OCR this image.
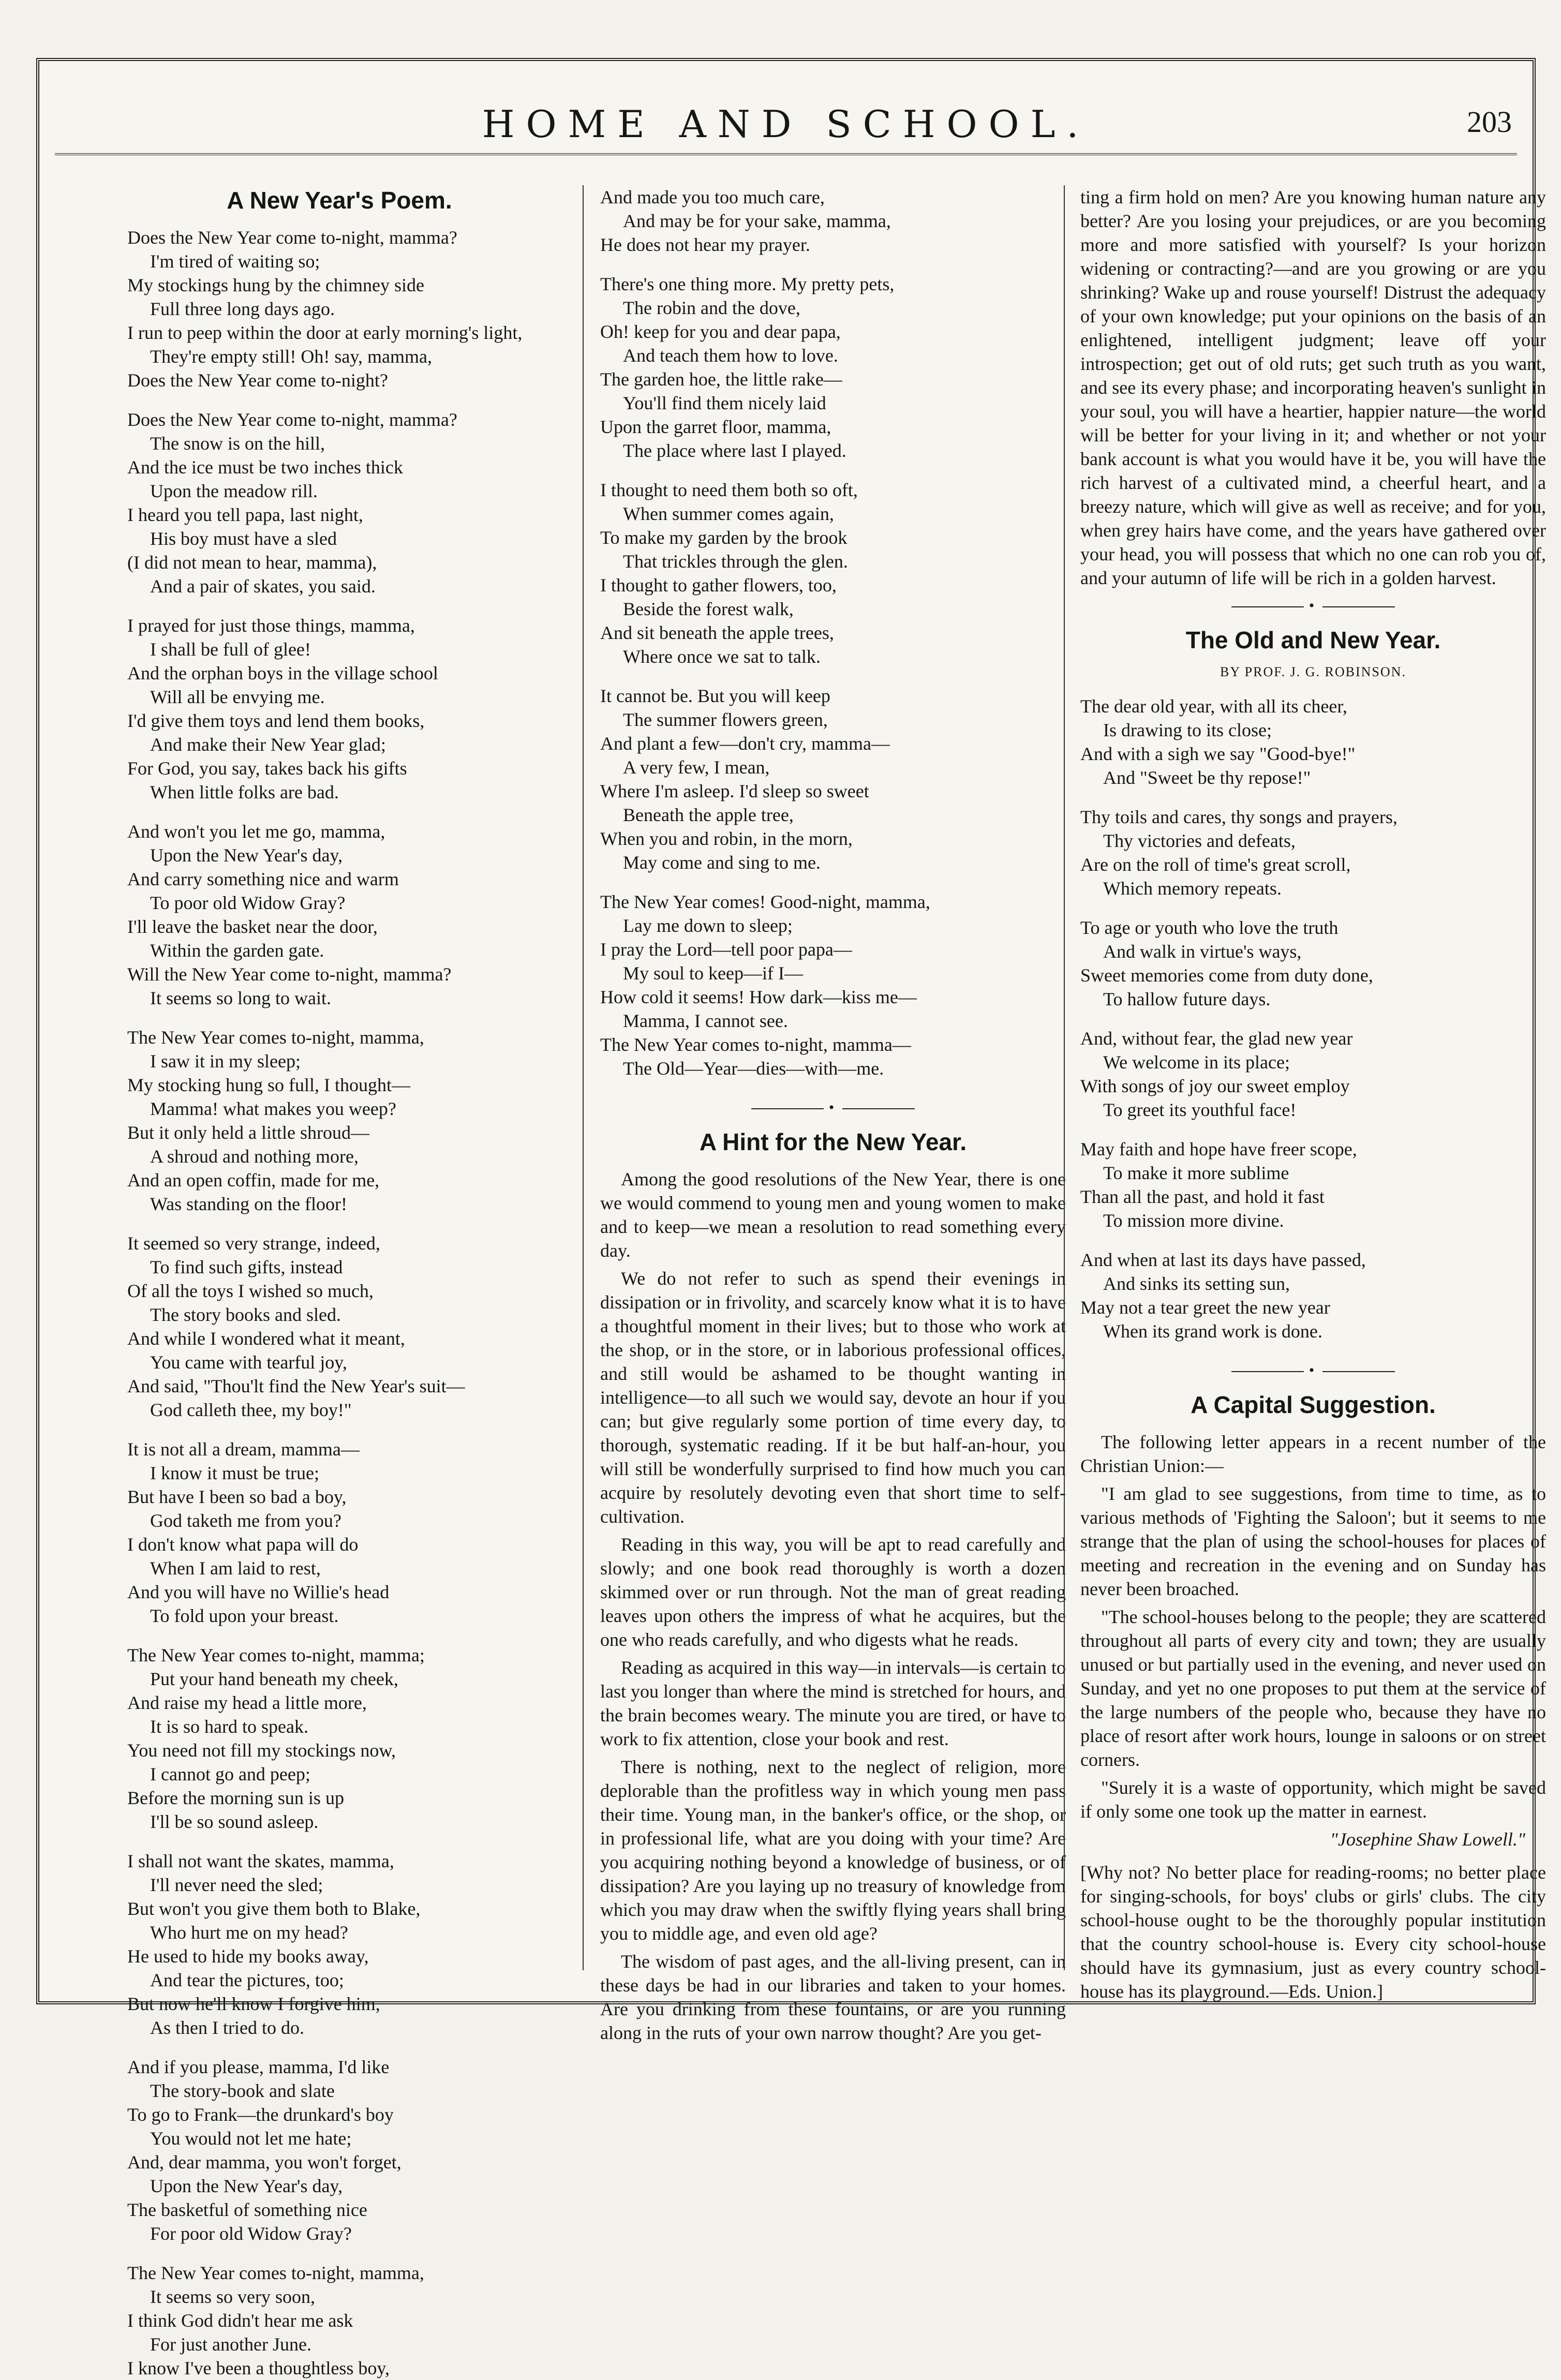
HOME AND SCHOOL.	203
A New Year's Poem.
Does the New Year come to-night, mamma?
I'm tired of waiting so;
My stockings hung by the chimney side
Full three long days ago.
I run to peep within the door at early morning's light,
They're empty still! Oh! say, mamma,
Does the New Year come to-night?
Does the New Year come to-night, mamma?
The snow is on the hill,
And the ice must be two inches thick
Upon the meadow rill.
I heard you tell papa, last night,
His boy must have a sled
(I did not mean to hear, mamma),
And a pair of skates, you said.
I prayed for just those things, mamma,
I shall be full of glee!
And the orphan boys in the village school
Will all be envying me.
I'd give them toys and lend them books,
And make their New Year glad;
For God, you say, takes back his gifts
When little folks are bad.
And won't you let me go, mamma,
Upon the New Year's day,
And carry something nice and warm
To poor old Widow Gray?
I'll leave the basket near the door,
Within the garden gate.
Will the New Year come to-night, mamma?
It seems so long to wait.
The New Year comes to-night, mamma,
I saw it in my sleep;
My stocking hung so full, I thought—
Mamma! what makes you weep?
But it only held a little shroud—
A shroud and nothing more,
And an open coffin, made for me,
Was standing on the floor!
It seemed so very strange, indeed,
To find such gifts, instead
Of all the toys I wished so much,
The story books and sled.
And while I wondered what it meant,
You came with tearful joy,
And said, "Thou'lt find the New Year's suit—
God calleth thee, my boy!"
It is not all a dream, mamma—
I know it must be true;
But have I been so bad a boy,
God taketh me from you?
I don't know what papa will do
When I am laid to rest,
And you will have no Willie's head
To fold upon your breast.
The New Year comes to-night, mamma;
Put your hand beneath my cheek,
And raise my head a little more,
It is so hard to speak.
You need not fill my stockings now,
I cannot go and peep;
Before the morning sun is up
I'll be so sound asleep.
I shall not want the skates, mamma,
I'll never need the sled;
But won't you give them both to Blake,
Who hurt me on my head?
He used to hide my books away,
And tear the pictures, too;
But now he'll know I forgive him,
As then I tried to do.
And if you please, mamma, I'd like
The story-book and slate
To go to Frank—the drunkard's boy
You would not let me hate;
And, dear mamma, you won't forget,
Upon the New Year's day,
The basketful of something nice
For poor old Widow Gray?
The New Year comes to-night, mamma,
It seems so very soon,
I think God didn't hear me ask
For just another June.
I know I've been a thoughtless boy,
And made you too much care,
And may be for your sake, mamma,
He does not hear my prayer.
There's one thing more. My pretty pets,
The robin and the dove,
Oh! keep for you and dear papa,
And teach them how to love.
The garden hoe, the little rake—
You'll find them nicely laid
Upon the garret floor, mamma,
The place where last I played.
I thought to need them both so oft,
When summer comes again,
To make my garden by the brook
That trickles through the glen.
I thought to gather flowers, too,
Beside the forest walk,
And sit beneath the apple trees,
Where once we sat to talk.
It cannot be. But you will keep
The summer flowers green,
And plant a few—don't cry, mamma—
A very few, I mean,
Where I'm asleep. I'd sleep so sweet
Beneath the apple tree,
When you and robin, in the morn,
May come and sing to me.
The New Year comes! Good-night, mamma,
Lay me down to sleep;
I pray the Lord—tell poor papa—
My soul to keep—if I—
How cold it seems! How dark—kiss me—
Mamma, I cannot see.
The New Year comes to-night, mamma—
The Old—Year—dies—with—me.
•
A Hint for the New Year.

Among the good resolutions of the New Year, there is one we would commend to young men and young women to make and to keep—we mean a resolution to read something every day.

We do not refer to such as spend their evenings in dissipation or in frivolity, and scarcely know what it is to have a thoughtful moment in their lives; but to those who work at the shop, or in the store, or in laborious professional offices, and still would be ashamed to be thought wanting in intelligence—to all such we would say, devote an hour if you can; but give regularly some portion of time every day, to thorough, systematic reading. If it be but half-an-hour, you will still be wonderfully surprised to find how much you can acquire by resolutely devoting even that short time to self-cultivation.

Reading in this way, you will be apt to read carefully and slowly; and one book read thoroughly is worth a dozen skimmed over or run through. Not the man of great reading leaves upon others the impress of what he acquires, but the one who reads carefully, and who digests what he reads.

Reading as acquired in this way—in intervals—is certain to last you longer than where the mind is stretched for hours, and the brain becomes weary. The minute you are tired, or have to work to fix attention, close your book and rest.

There is nothing, next to the neglect of religion, more deplorable than the profitless way in which young men pass their time. Young man, in the banker's office, or the shop, or in professional life, what are you doing with your time? Are you acquiring nothing beyond a knowledge of business, or of dissipation? Are you laying up no treasury of knowledge from which you may draw when the swiftly flying years shall bring you to middle age, and even old age?

The wisdom of past ages, and the all-living present, can in these days be had in our libraries and taken to your homes. Are you drinking from these fountains, or are you running along in the ruts of your own narrow thought? Are you get-

ting a firm hold on men? Are you knowing human nature any better? Are you losing your prejudices, or are you becoming more and more satisfied with yourself? Is your horizon widening or contracting?—and are you growing or are you shrinking? Wake up and rouse yourself! Distrust the adequacy of your own knowledge; put your opinions on the basis of an enlightened, intelligent judgment; leave off your introspection; get out of old ruts; get such truth as you want, and see its every phase; and incorporating heaven's sunlight in your soul, you will have a heartier, happier nature—the world will be better for your living in it; and whether or not your bank account is what you would have it be, you will have the rich harvest of a cultivated mind, a cheerful heart, and a breezy nature, which will give as well as receive; and for you, when grey hairs have come, and the years have gathered over your head, you will possess that which no one can rob you of, and your autumn of life will be rich in a golden harvest.

•
The Old and New Year.
BY PROF. J. G. ROBINSON.
The dear old year, with all its cheer,
Is drawing to its close;
And with a sigh we say "Good-bye!"
And "Sweet be thy repose!"
Thy toils and cares, thy songs and prayers,
Thy victories and defeats,
Are on the roll of time's great scroll,
Which memory repeats.
To age or youth who love the truth
And walk in virtue's ways,
Sweet memories come from duty done,
To hallow future days.
And, without fear, the glad new year
We welcome in its place;
With songs of joy our sweet employ
To greet its youthful face!
May faith and hope have freer scope,
To make it more sublime
Than all the past, and hold it fast
To mission more divine.
And when at last its days have passed,
And sinks its setting sun,
May not a tear greet the new year
When its grand work is done.
•
A Capital Suggestion.

The following letter appears in a recent number of the Christian Union:—

"I am glad to see suggestions, from time to time, as to various methods of 'Fighting the Saloon'; but it seems to me strange that the plan of using the school-houses for places of meeting and recreation in the evening and on Sunday has never been broached.

"The school-houses belong to the people; they are scattered throughout all parts of every city and town; they are usually unused or but partially used in the evening, and never used on Sunday, and yet no one proposes to put them at the service of the large numbers of the people who, because they have no place of resort after work hours, lounge in saloons or on street corners.

"Surely it is a waste of opportunity, which might be saved if only some one took up the matter in earnest.

"Josephine Shaw Lowell."

[Why not? No better place for reading-rooms; no better place for singing-schools, for boys' clubs or girls' clubs. The city school-house ought to be the thoroughly popular institution that the country school-house is. Every city school-house should have its gymnasium, just as every country school-house has its playground.—Eds. Union.]
